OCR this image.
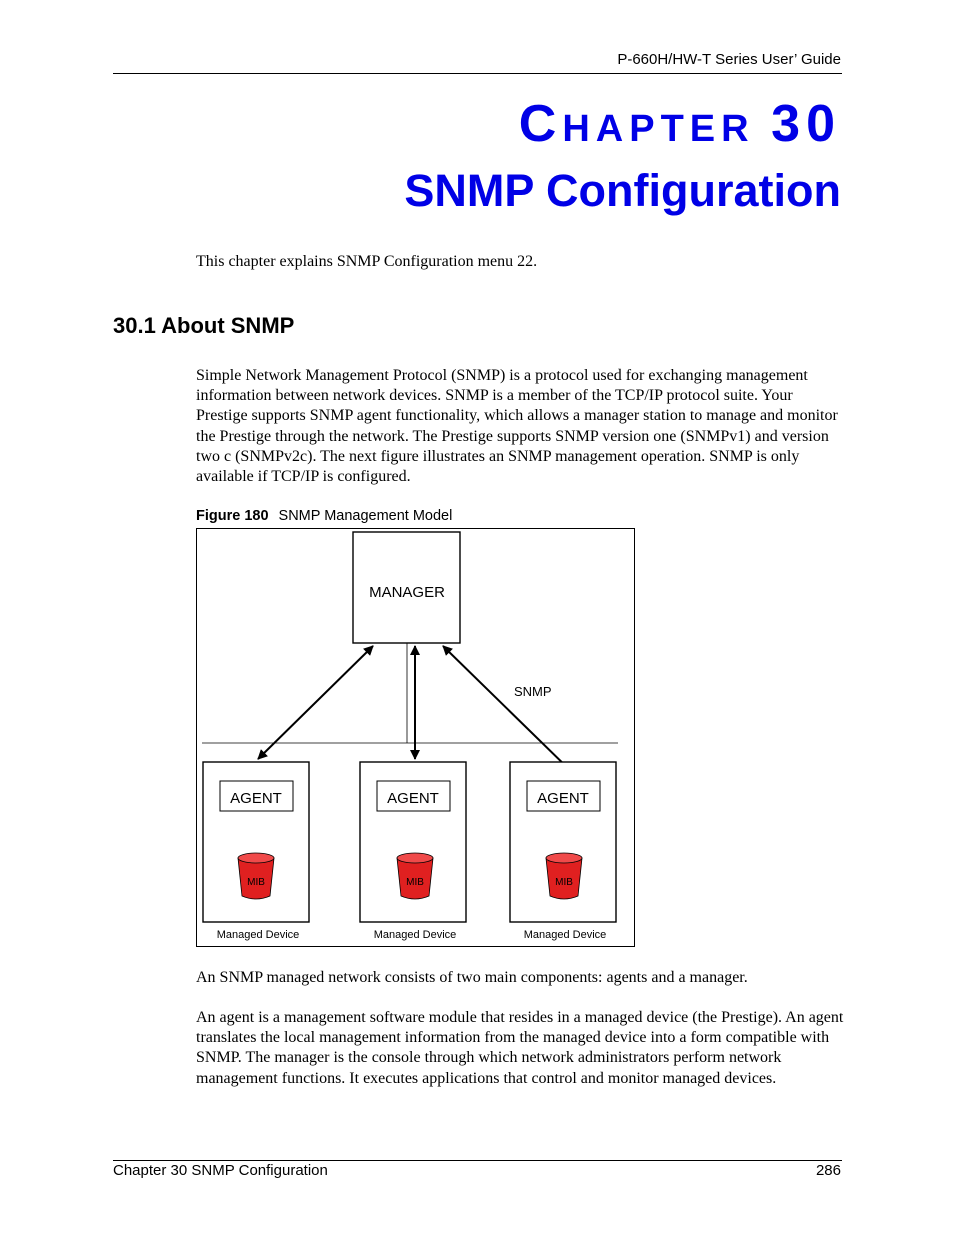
P-660H/HW-T Series User’ Guide
CHAPTER 30
SNMP Configuration
This chapter explains SNMP Configuration menu 22.
30.1 About SNMP
Simple Network Management Protocol (SNMP) is a protocol used for exchanging management information between network devices. SNMP is a member of the TCP/IP protocol suite. Your Prestige supports SNMP agent functionality, which allows a manager station to manage and monitor the Prestige through the network. The Prestige supports SNMP version one (SNMPv1) and version two c (SNMPv2c). The next figure illustrates an SNMP management operation. SNMP is only available if TCP/IP is configured.
Figure 180 SNMP Management Model
MANAGER
SNMP
AGENT
MIB
Managed Device
AGENT
MIB
Managed Device
AGENT
MIB
Managed Device
An SNMP managed network consists of two main components: agents and a manager.
An agent is a management software module that resides in a managed device (the Prestige). An agent translates the local management information from the managed device into a form compatible with SNMP. The manager is the console through which network administrators perform network management functions. It executes applications that control and monitor managed devices.
Chapter 30 SNMP Configuration	286
